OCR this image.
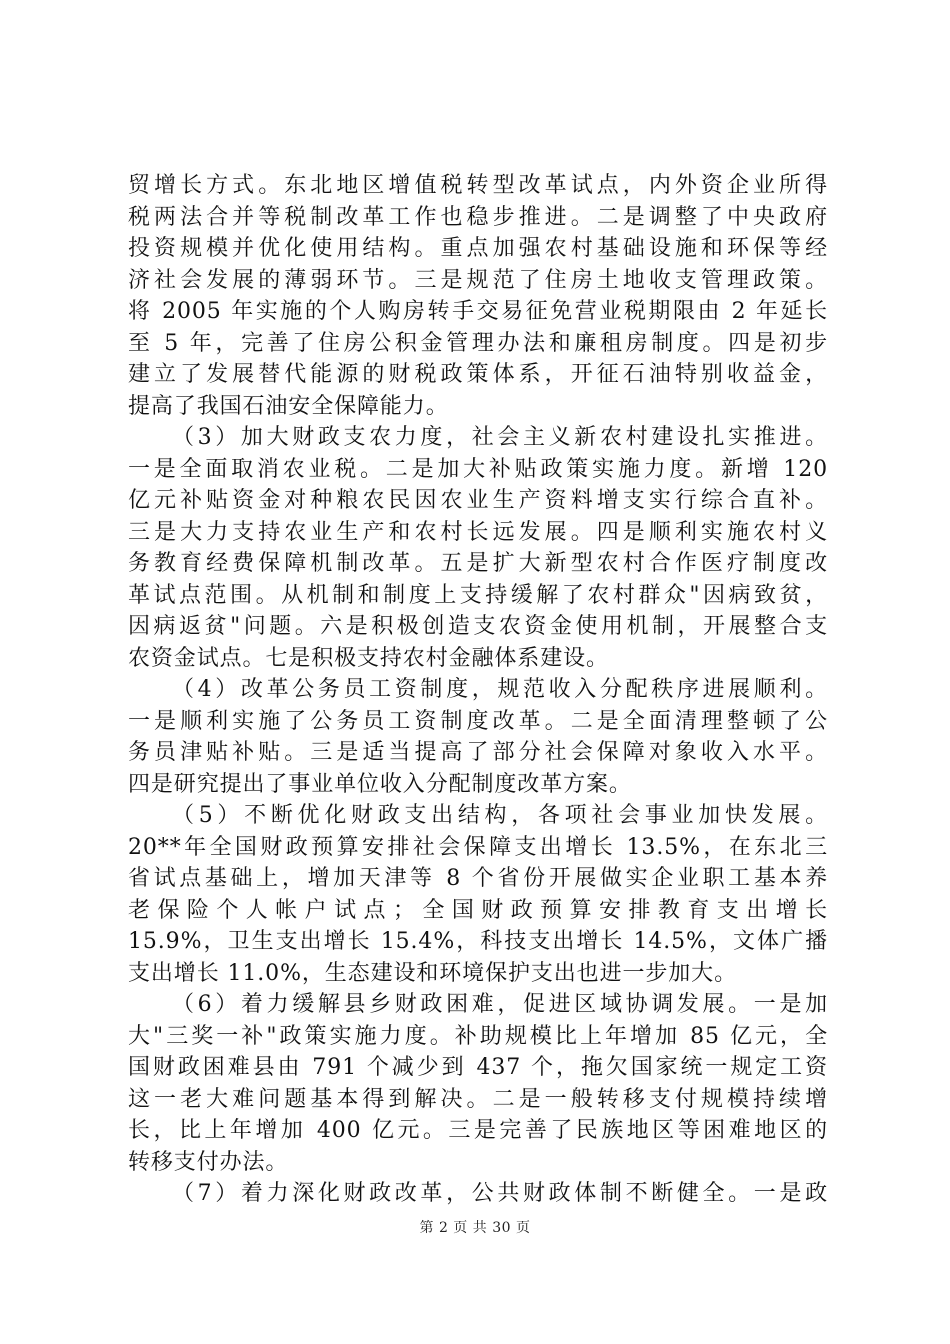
贸增长方式。东北地区增值税转型改革试点，内外资企业所得
税两法合并等税制改革工作也稳步推进。二是调整了中央政府
投资规模并优化使用结构。重点加强农村基础设施和环保等经
济社会发展的薄弱环节。三是规范了住房土地收支管理政策。
将 2005 年实施的个人购房转手交易征免营业税期限由 2 年延长
至 5 年，完善了住房公积金管理办法和廉租房制度。四是初步
建立了发展替代能源的财税政策体系，开征石油特别收益金，
提高了我国石油安全保障能力。
（3）加大财政支农力度，社会主义新农村建设扎实推进。
一是全面取消农业税。二是加大补贴政策实施力度。新增 120
亿元补贴资金对种粮农民因农业生产资料增支实行综合直补。
三是大力支持农业生产和农村长远发展。四是顺利实施农村义
务教育经费保障机制改革。五是扩大新型农村合作医疗制度改
革试点范围。从机制和制度上支持缓解了农村群众"因病致贫，
因病返贫"问题。六是积极创造支农资金使用机制，开展整合支
农资金试点。七是积极支持农村金融体系建设。
（4）改革公务员工资制度，规范收入分配秩序进展顺利。
一是顺利实施了公务员工资制度改革。二是全面清理整顿了公
务员津贴补贴。三是适当提高了部分社会保障对象收入水平。
四是研究提出了事业单位收入分配制度改革方案。
（5）不断优化财政支出结构，各项社会事业加快发展。
20**年全国财政预算安排社会保障支出增长 13.5%，在东北三
省试点基础上，增加天津等 8 个省份开展做实企业职工基本养
老保险个人帐户试点；全国财政预算安排教育支出增长
15.9%，卫生支出增长 15.4%，科技支出增长 14.5%，文体广播
支出增长 11.0%，生态建设和环境保护支出也进一步加大。
（6）着力缓解县乡财政困难，促进区域协调发展。一是加
大"三奖一补"政策实施力度。补助规模比上年增加 85 亿元，全
国财政困难县由 791 个减少到 437 个，拖欠国家统一规定工资
这一老大难问题基本得到解决。二是一般转移支付规模持续增
长，比上年增加 400 亿元。三是完善了民族地区等困难地区的
转移支付办法。
（7）着力深化财政改革，公共财政体制不断健全。一是政
第 2 页 共 30 页
